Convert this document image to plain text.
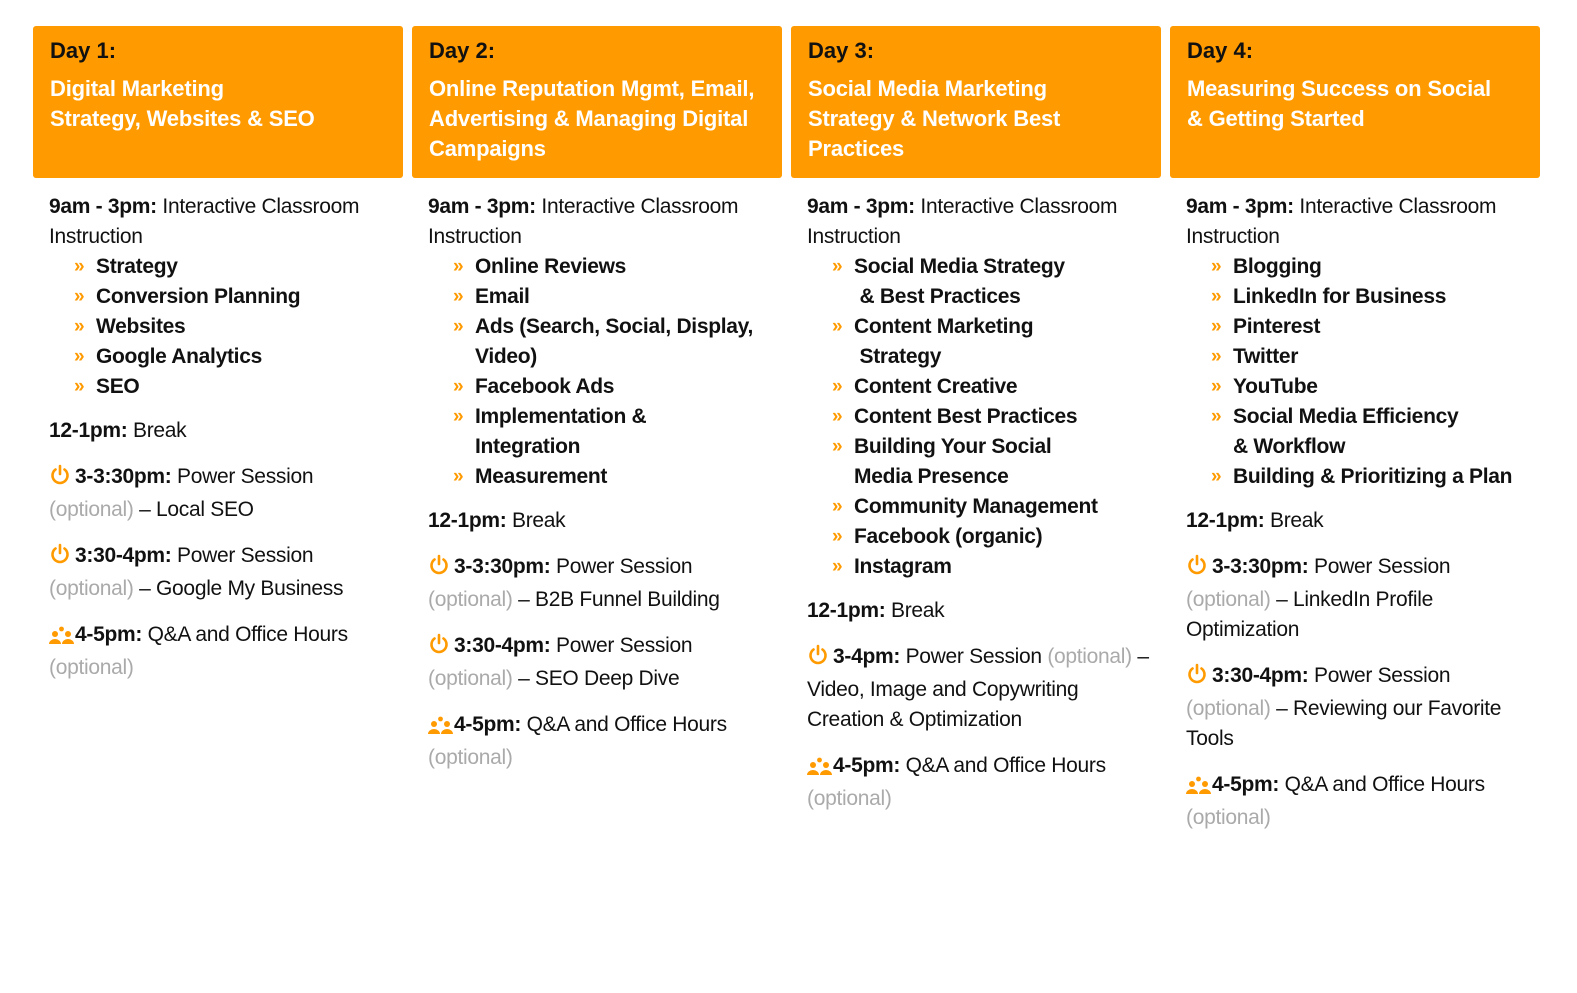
Day 1:
Digital Marketing
Strategy, Websites & SEO
9am - 3pm: Interactive Classroom Instruction
» Strategy
» Conversion Planning
» Websites
» Google Analytics
» SEO
12-1pm: Break
3-3:30pm: Power Session (optional) – Local SEO
3:30-4pm: Power Session (optional) – Google My Business
4-5pm: Q&A and Office Hours (optional)
Day 2:
Online Reputation Mgmt, Email,
Advertising & Managing Digital
Campaigns
9am - 3pm: Interactive Classroom Instruction
» Online Reviews
» Email
» Ads (Search, Social, Display,
Video)
» Facebook Ads
» Implementation &
Integration
» Measurement
12-1pm: Break
3-3:30pm: Power Session (optional) – B2B Funnel Building
3:30-4pm: Power Session (optional) – SEO Deep Dive
4-5pm: Q&A and Office Hours (optional)
Day 3:
Social Media Marketing
Strategy & Network Best
Practices
9am - 3pm: Interactive Classroom Instruction
» Social Media Strategy
& Best Practices
» Content Marketing
Strategy
» Content Creative
» Content Best Practices
» Building Your Social
Media Presence
» Community Management
» Facebook (organic)
» Instagram
12-1pm: Break
3-4pm: Power Session (optional) – Video, Image and Copywriting Creation & Optimization
4-5pm: Q&A and Office Hours (optional)
Day 4:
Measuring Success on Social
& Getting Started
9am - 3pm: Interactive Classroom Instruction
» Blogging
» LinkedIn for Business
» Pinterest
» Twitter
» YouTube
» Social Media Efficiency
& Workflow
» Building & Prioritizing a Plan
12-1pm: Break
3-3:30pm: Power Session (optional) – LinkedIn Profile Optimization
3:30-4pm: Power Session (optional) – Reviewing our Favorite Tools
4-5pm: Q&A and Office Hours (optional)
